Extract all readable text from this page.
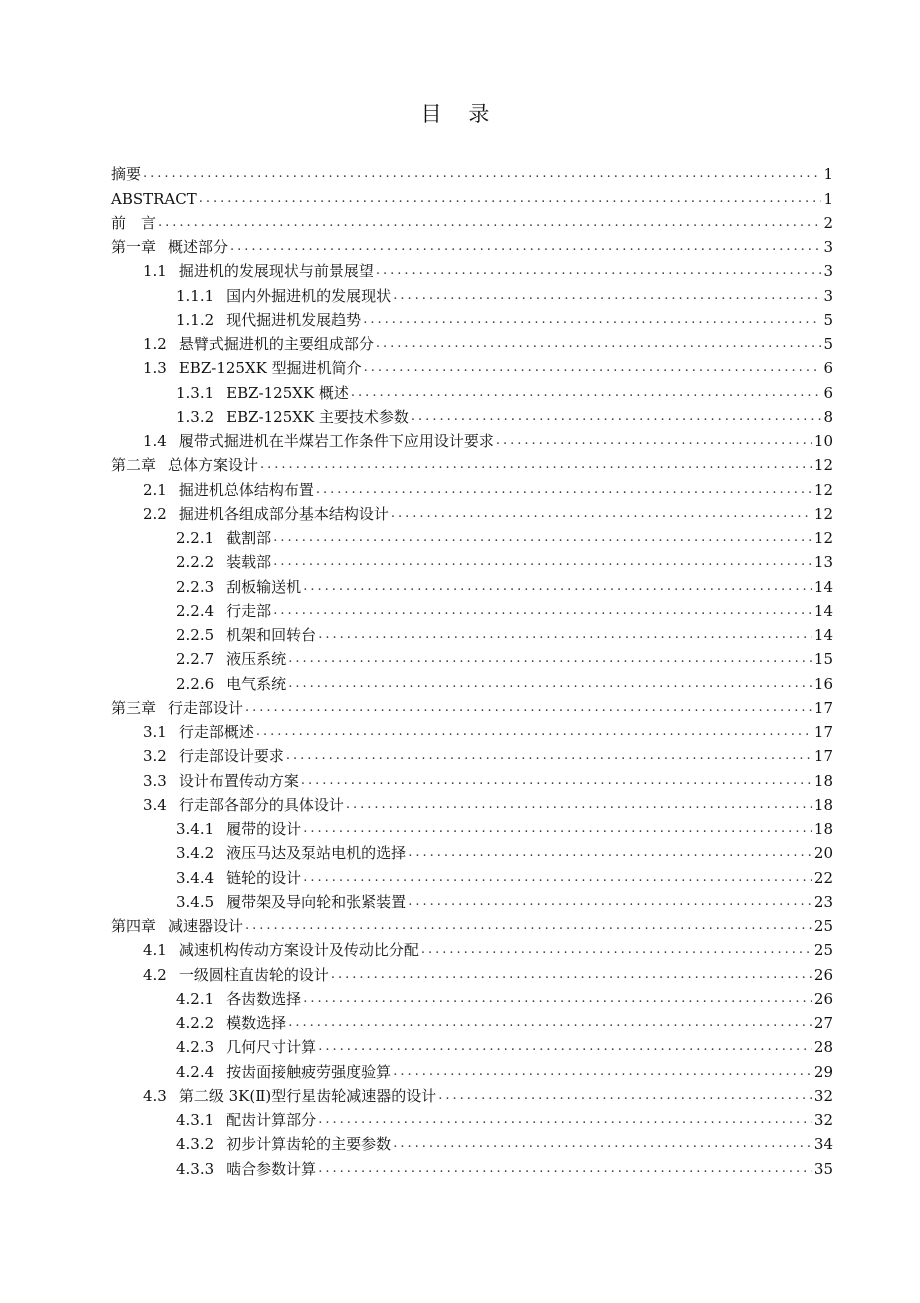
目 录
摘要 .....	1
ABSTRACT .....	1
前　言 .....	2
第一章 概述部分 .....	3
1.1 掘进机的发展现状与前景展望 .....	3
1.1.1 国内外掘进机的发展现状 .....	3
1.1.2 现代掘进机发展趋势 .....	5
1.2 悬臂式掘进机的主要组成部分 .....	5
1.3 EBZ-125XK 型掘进机简介 .....	6
1.3.1 EBZ-125XK 概述 .....	6
1.3.2 EBZ-125XK 主要技术参数 .....	8
1.4 履带式掘进机在半煤岩工作条件下应用设计要求 .....	10
第二章 总体方案设计 .....	12
2.1 掘进机总体结构布置 .....	12
2.2 掘进机各组成部分基本结构设计 .....	12
2.2.1 截割部 .....	12
2.2.2 装载部 .....	13
2.2.3 刮板输送机 .....	14
2.2.4 行走部 .....	14
2.2.5 机架和回转台 .....	14
2.2.7 液压系统 .....	15
2.2.6 电气系统 .....	16
第三章 行走部设计 .....	17
3.1 行走部概述 .....	17
3.2 行走部设计要求 .....	17
3.3 设计布置传动方案 .....	18
3.4 行走部各部分的具体设计 .....	18
3.4.1 履带的设计 .....	18
3.4.2 液压马达及泵站电机的选择 .....	20
3.4.4 链轮的设计 .....	22
3.4.5 履带架及导向轮和张紧装置 .....	23
第四章 减速器设计 .....	25
4.1 减速机构传动方案设计及传动比分配 .....	25
4.2 一级圆柱直齿轮的设计 .....	26
4.2.1 各齿数选择 .....	26
4.2.2 模数选择 .....	27
4.2.3 几何尺寸计算 .....	28
4.2.4 按齿面接触疲劳强度验算 .....	29
4.3 第二级 3K(Ⅱ)型行星齿轮减速器的设计 .....	32
4.3.1 配齿计算部分 .....	32
4.3.2 初步计算齿轮的主要参数 .....	34
4.3.3 啮合参数计算 .....	35
